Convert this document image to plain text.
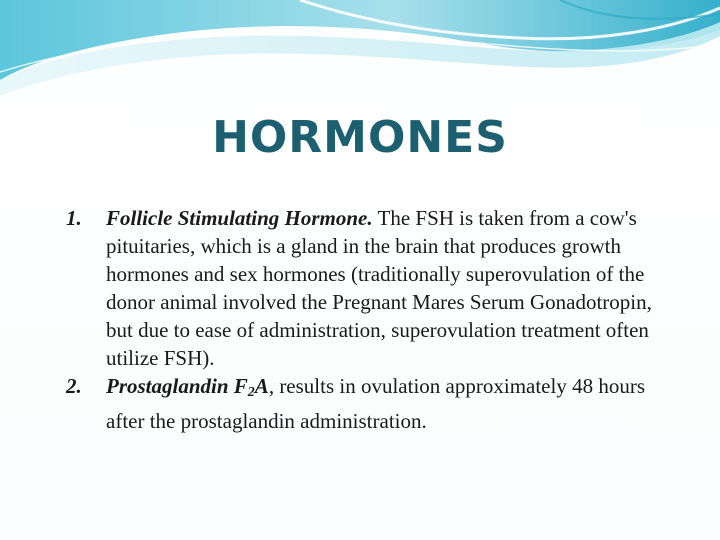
HORMONES
1. Follicle Stimulating Hormone. The FSH is taken from a cow's pituitaries, which is a gland in the brain that produces growth hormones and sex hormones (traditionally superovulation of the donor animal involved the Pregnant Mares Serum Gonadotropin, but due to ease of administration, superovulation treatment often utilize FSH).
2. Prostaglandin $F_2A$, results in ovulation approximately 48 hours after the prostaglandin administration.
